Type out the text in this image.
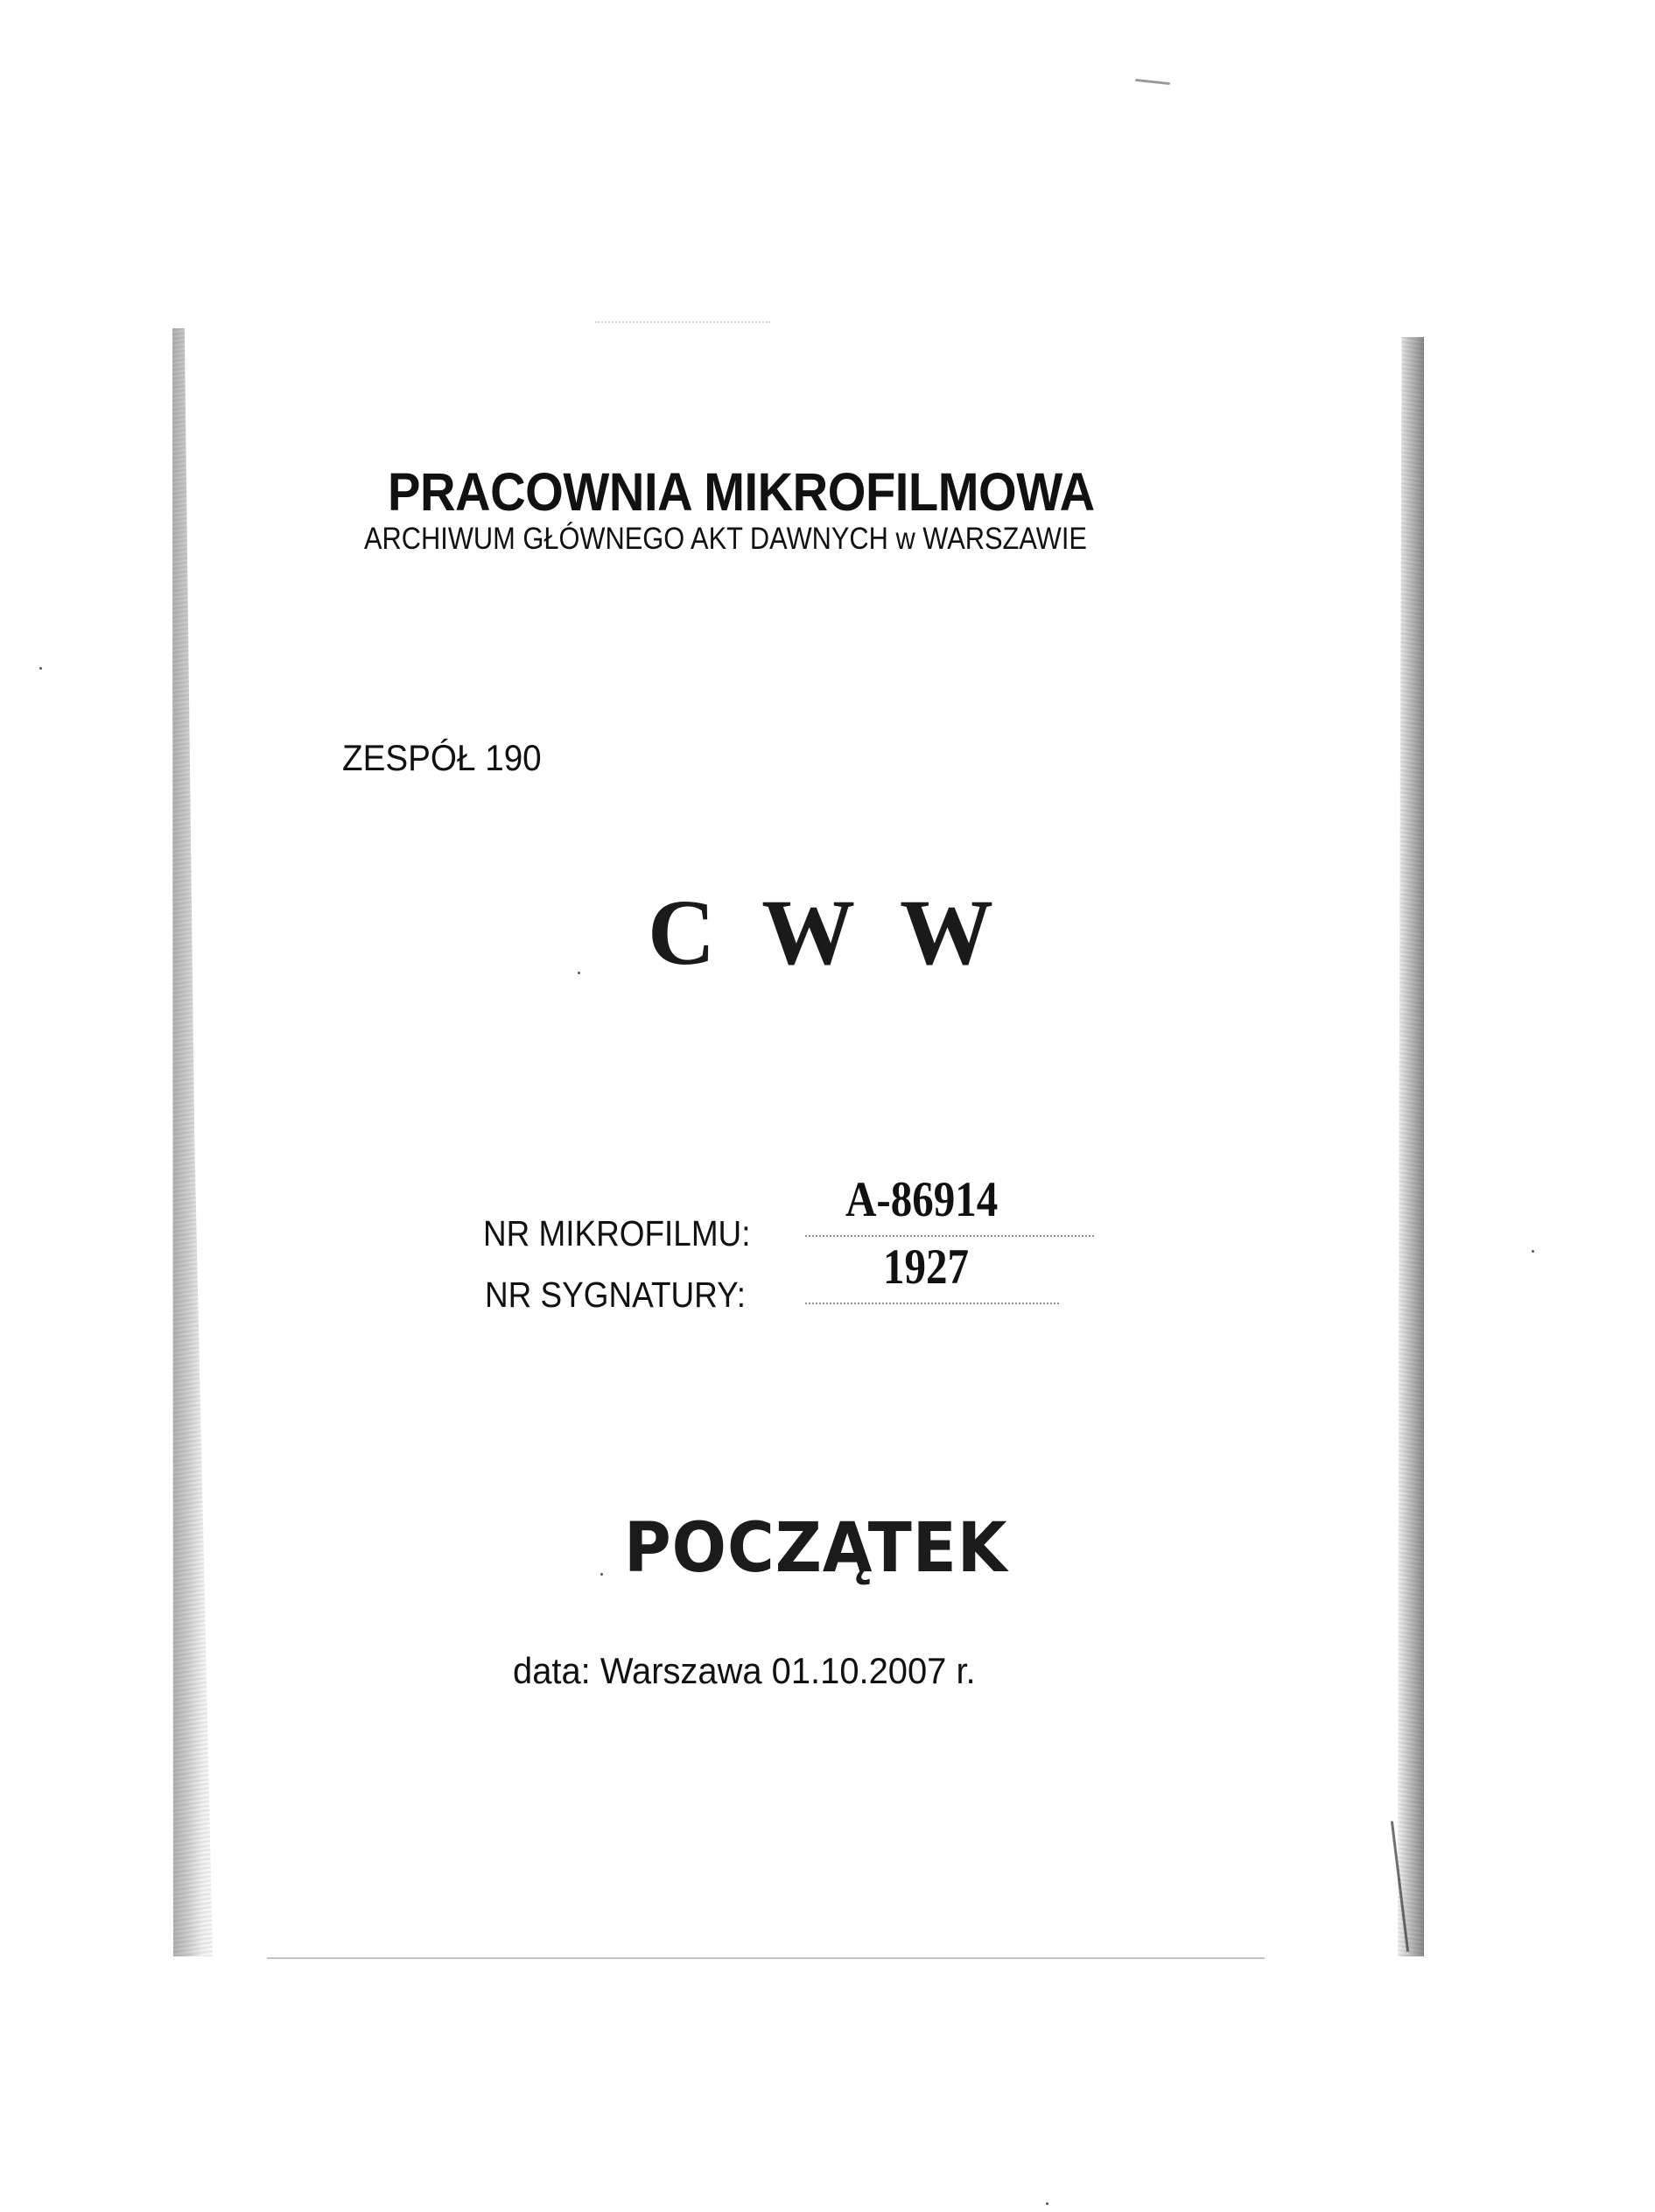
PRACOWNIA MIKROFILMOWA
ARCHIWUM GŁÓWNEGO AKT DAWNYCH w WARSZAWIE
ZESPÓŁ 190
C W W
NR MIKROFILMU:
A-86914
NR SYGNATURY:	1927
POCZĄTEK
data: Warszawa 01.10.2007 r.
